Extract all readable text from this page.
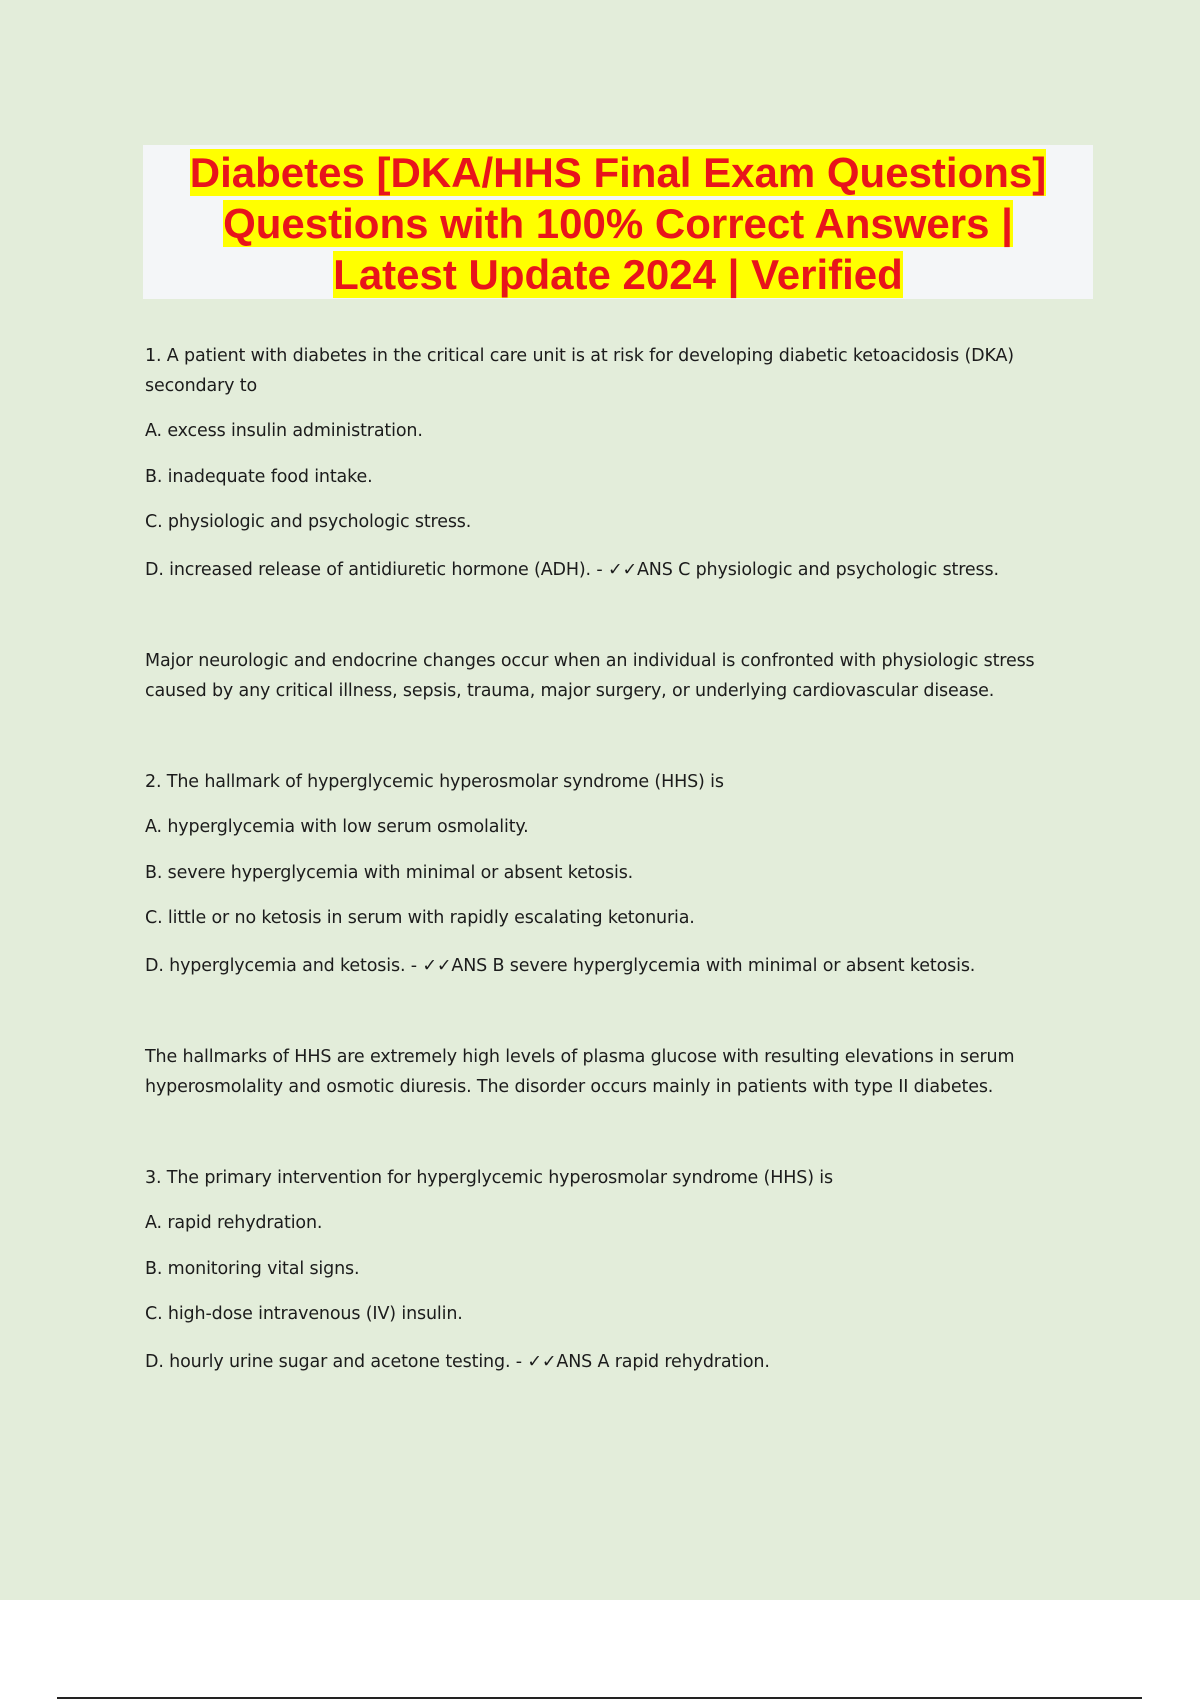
Diabetes [DKA/HHS Final Exam Questions]
Questions with 100% Correct Answers |
Latest Update 2024 | Verified
1. A patient with diabetes in the critical care unit is at risk for developing diabetic ketoacidosis (DKA)
secondary to
A. excess insulin administration.
B. inadequate food intake.
C. physiologic and psychologic stress.
D. increased release of antidiuretic hormone (ADH). - ✓✓ANS C physiologic and psychologic stress.
Major neurologic and endocrine changes occur when an individual is confronted with physiologic stress
caused by any critical illness, sepsis, trauma, major surgery, or underlying cardiovascular disease.
2. The hallmark of hyperglycemic hyperosmolar syndrome (HHS) is
A. hyperglycemia with low serum osmolality.
B. severe hyperglycemia with minimal or absent ketosis.
C. little or no ketosis in serum with rapidly escalating ketonuria.
D. hyperglycemia and ketosis. - ✓✓ANS B severe hyperglycemia with minimal or absent ketosis.
The hallmarks of HHS are extremely high levels of plasma glucose with resulting elevations in serum
hyperosmolality and osmotic diuresis. The disorder occurs mainly in patients with type II diabetes.
3. The primary intervention for hyperglycemic hyperosmolar syndrome (HHS) is
A. rapid rehydration.
B. monitoring vital signs.
C. high-dose intravenous (IV) insulin.
D. hourly urine sugar and acetone testing. - ✓✓ANS A rapid rehydration.
